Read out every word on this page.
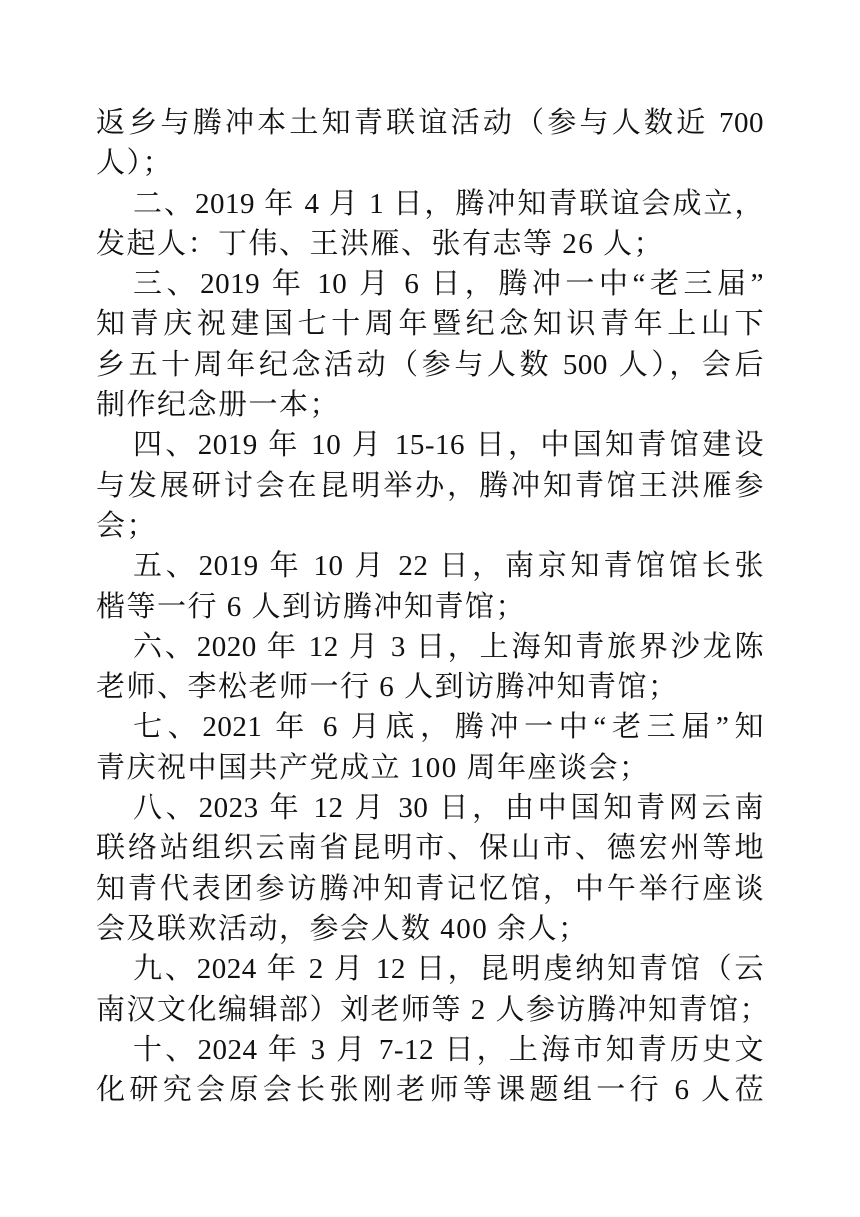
返乡与腾冲本土知青联谊活动（参与人数近 700
人）；
二、2019 年 4 月 1 日，腾冲知青联谊会成立，
发起人：丁伟、王洪雁、张有志等 26 人；
三、2019 年 10 月 6 日，腾冲一中“老三届”
知青庆祝建国七十周年暨纪念知识青年上山下
乡五十周年纪念活动（参与人数 500 人），会后
制作纪念册一本；
四、2019 年 10 月 15-16 日，中国知青馆建设
与发展研讨会在昆明举办，腾冲知青馆王洪雁参
会；
五、2019 年 10 月 22 日，南京知青馆馆长张
楷等一行 6 人到访腾冲知青馆；
六、2020 年 12 月 3 日，上海知青旅界沙龙陈
老师、李松老师一行 6 人到访腾冲知青馆；
七、2021 年 6 月底，腾冲一中“老三届”知
青庆祝中国共产党成立 100 周年座谈会；
八、2023 年 12 月 30 日，由中国知青网云南
联络站组织云南省昆明市、保山市、德宏州等地
知青代表团参访腾冲知青记忆馆，中午举行座谈
会及联欢活动，参会人数 400 余人；
九、2024 年 2 月 12 日，昆明虔纳知青馆（云
南汉文化编辑部）刘老师等 2 人参访腾冲知青馆；
十、2024 年 3 月 7-12 日，上海市知青历史文
化研究会原会长张刚老师等课题组一行 6 人莅
